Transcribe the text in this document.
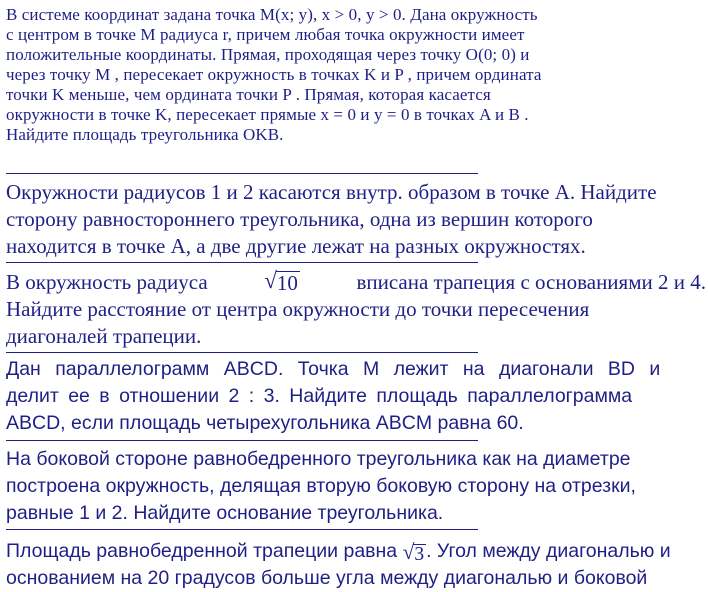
В системе координат задана точка M(x; y), x > 0, y > 0. Дана окружность
с центром в точке M радиуса r, причем любая точка окружности имеет
положительные координаты. Прямая, проходящая через точку O(0; 0) и
через точку M , пересекает окружность в точках K и P , причем ордината
точки K меньше, чем ордината точки P . Прямая, которая касается
окружности в точке K, пересекает прямые x = 0 и y = 0 в точках A и B .
Найдите площадь треугольника OKB.
Окружности радиусов 1 и 2 касаются внутр. образом в точке А. Найдите
сторону равностороннего треугольника, одна из вершин которого
находится в точке А, а две другие лежат на разных окружностях.
В окружность радиуса √ 10	вписана трапеция с основаниями 2 и 4.
Найдите расстояние от центра окружности до точки пересечения
диагоналей трапеции.
Дан параллелограмм ABCD. Точка M лежит на диагонали BD и
делит ее в отношении 2 : 3. Найдите площадь параллелограмма
ABCD, если площадь четырехугольника ABCM равна 60.
На боковой стороне равнобедренного треугольника как на диаметре
построена окружность, делящая вторую боковую сторону на отрезки,
равные 1 и 2. Найдите основание треугольника.
Площадь равнобедренной трапеции равна √ 3 . Угол между диагональю и
основанием на 20 градусов больше угла между диагональю и боковой
